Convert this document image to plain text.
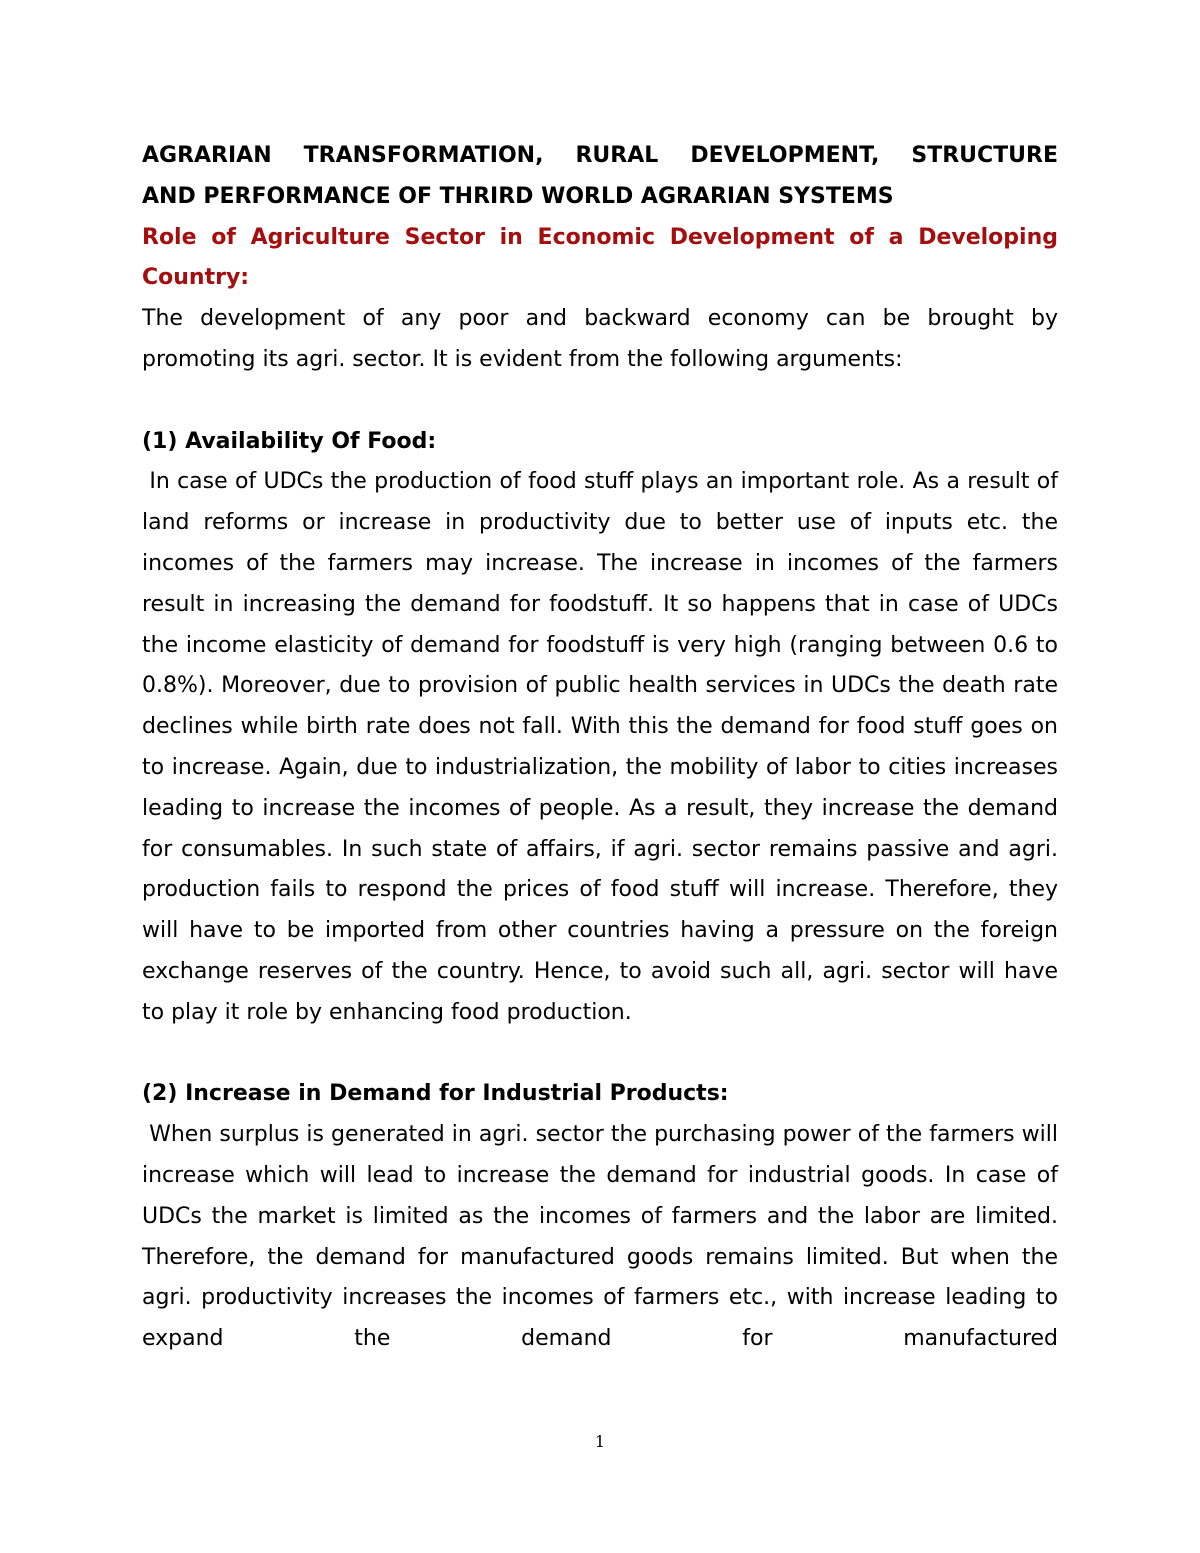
AGRARIAN TRANSFORMATION, RURAL DEVELOPMENT, STRUCTURE
AND PERFORMANCE OF THRIRD WORLD AGRARIAN SYSTEMS

Role of Agriculture Sector in Economic Development of a Developing
Country:

The development of any poor and backward economy can be brought by promoting its agri. sector. It is evident from the following arguments:

(1) Availability Of Food:

In case of UDCs the production of food stuff plays an important role. As a result of land reforms or increase in productivity due to better use of inputs etc. the incomes of the farmers may increase. The increase in incomes of the farmers result in increasing the demand for foodstuff. It so happens that in case of UDCs the income elasticity of demand for foodstuff is very high (ranging between 0.6 to 0.8%). Moreover, due to provision of public health services in UDCs the death rate declines while birth rate does not fall. With this the demand for food stuff goes on to increase. Again, due to industrialization, the mobility of labor to cities increases leading to increase the incomes of people. As a result, they increase the demand for consumables. In such state of affairs, if agri. sector remains passive and agri. production fails to respond the prices of food stuff will increase. Therefore, they will have to be imported from other countries having a pressure on the foreign exchange reserves of the country. Hence, to avoid such all, agri. sector will have to play it role by enhancing food production.

(2) Increase in Demand for Industrial Products:

When surplus is generated in agri. sector the purchasing power of the farmers will increase which will lead to increase the demand for industrial goods. In case of UDCs the market is limited as the incomes of farmers and the labor are limited. Therefore, the demand for manufactured goods remains limited. But when the agri. productivity increases the incomes of farmers etc., with increase leading to expand the demand for manufactured

1
